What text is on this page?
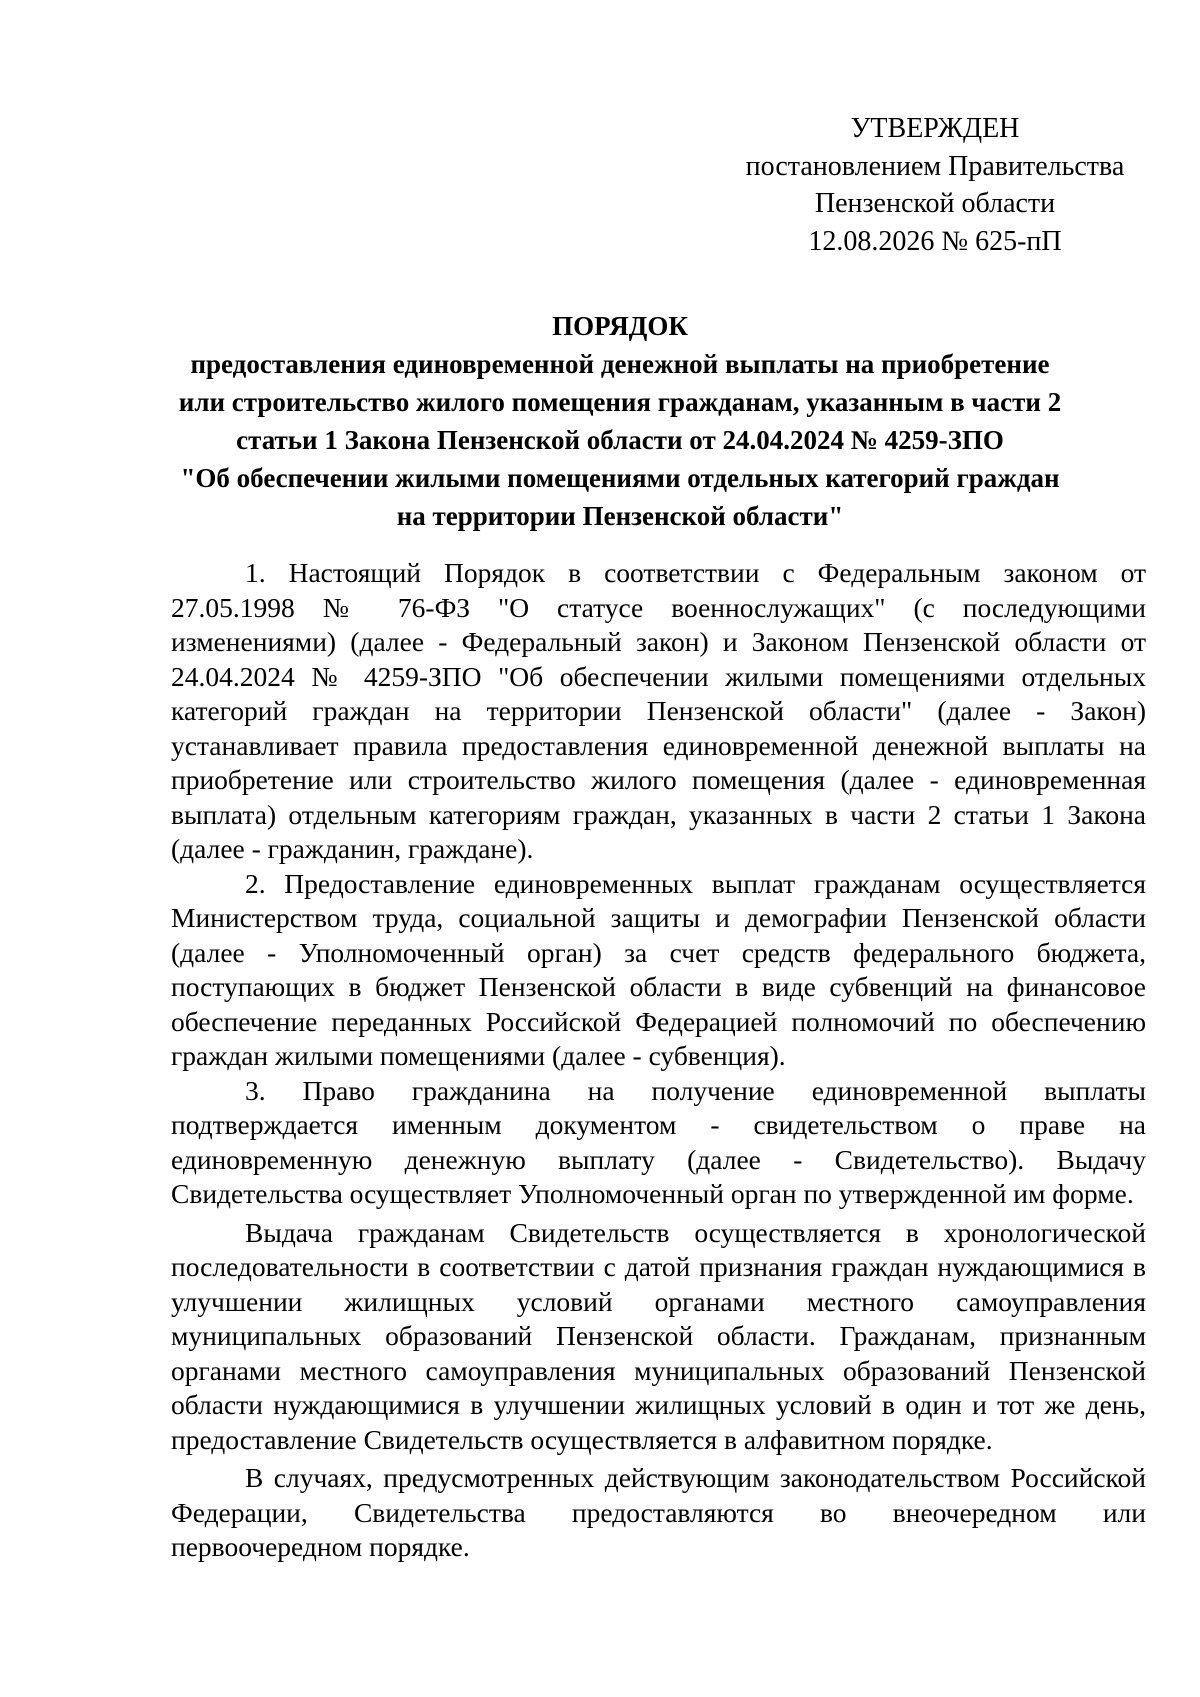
УТВЕРЖДЕН
постановлением Правительства
Пензенской области
12.08.2026 № 625-пП
ПОРЯДОК
предоставления единовременной денежной выплаты на приобретение
или строительство жилого помещения гражданам, указанным в части 2
статьи 1 Закона Пензенской области от 24.04.2024 № 4259-ЗПО
"Об обеспечении жилыми помещениями отдельных категорий граждан
на территории Пензенской области"

1. Настоящий Порядок в соответствии с Федеральным законом от 27.05.1998 № 76-ФЗ "О статусе военнослужащих" (с последующими изменениями) (далее - Федеральный закон) и Законом Пензенской области от 24.04.2024 № 4259-ЗПО "Об обеспечении жилыми помещениями отдельных категорий граждан на территории Пензенской области" (далее - Закон) устанавливает правила предоставления единовременной денежной выплаты на приобретение или строительство жилого помещения (далее - единовременная выплата) отдельным категориям граждан, указанных в части 2 статьи 1 Закона (далее - гражданин, граждане).

2. Предоставление единовременных выплат гражданам осуществляется Министерством труда, социальной защиты и демографии Пензенской области (далее - Уполномоченный орган) за счет средств федерального бюджета, поступающих в бюджет Пензенской области в виде субвенций на финансовое обеспечение переданных Российской Федерацией полномочий по обеспечению граждан жилыми помещениями (далее - субвенция).

3. Право гражданина на получение единовременной выплаты подтверждается именным документом - свидетельством о праве на единовременную денежную выплату (далее - Свидетельство). Выдачу Свидетельства осуществляет Уполномоченный орган по утвержденной им форме.

Выдача гражданам Свидетельств осуществляется в хронологической последовательности в соответствии с датой признания граждан нуждающимися в улучшении жилищных условий органами местного самоуправления муниципальных образований Пензенской области. Гражданам, признанным органами местного самоуправления муниципальных образований Пензенской области нуждающимися в улучшении жилищных условий в один и тот же день, предоставление Свидетельств осуществляется в алфавитном порядке.

В случаях, предусмотренных действующим законодательством Российской Федерации, Свидетельства предоставляются во внеочередном или первоочередном порядке.
